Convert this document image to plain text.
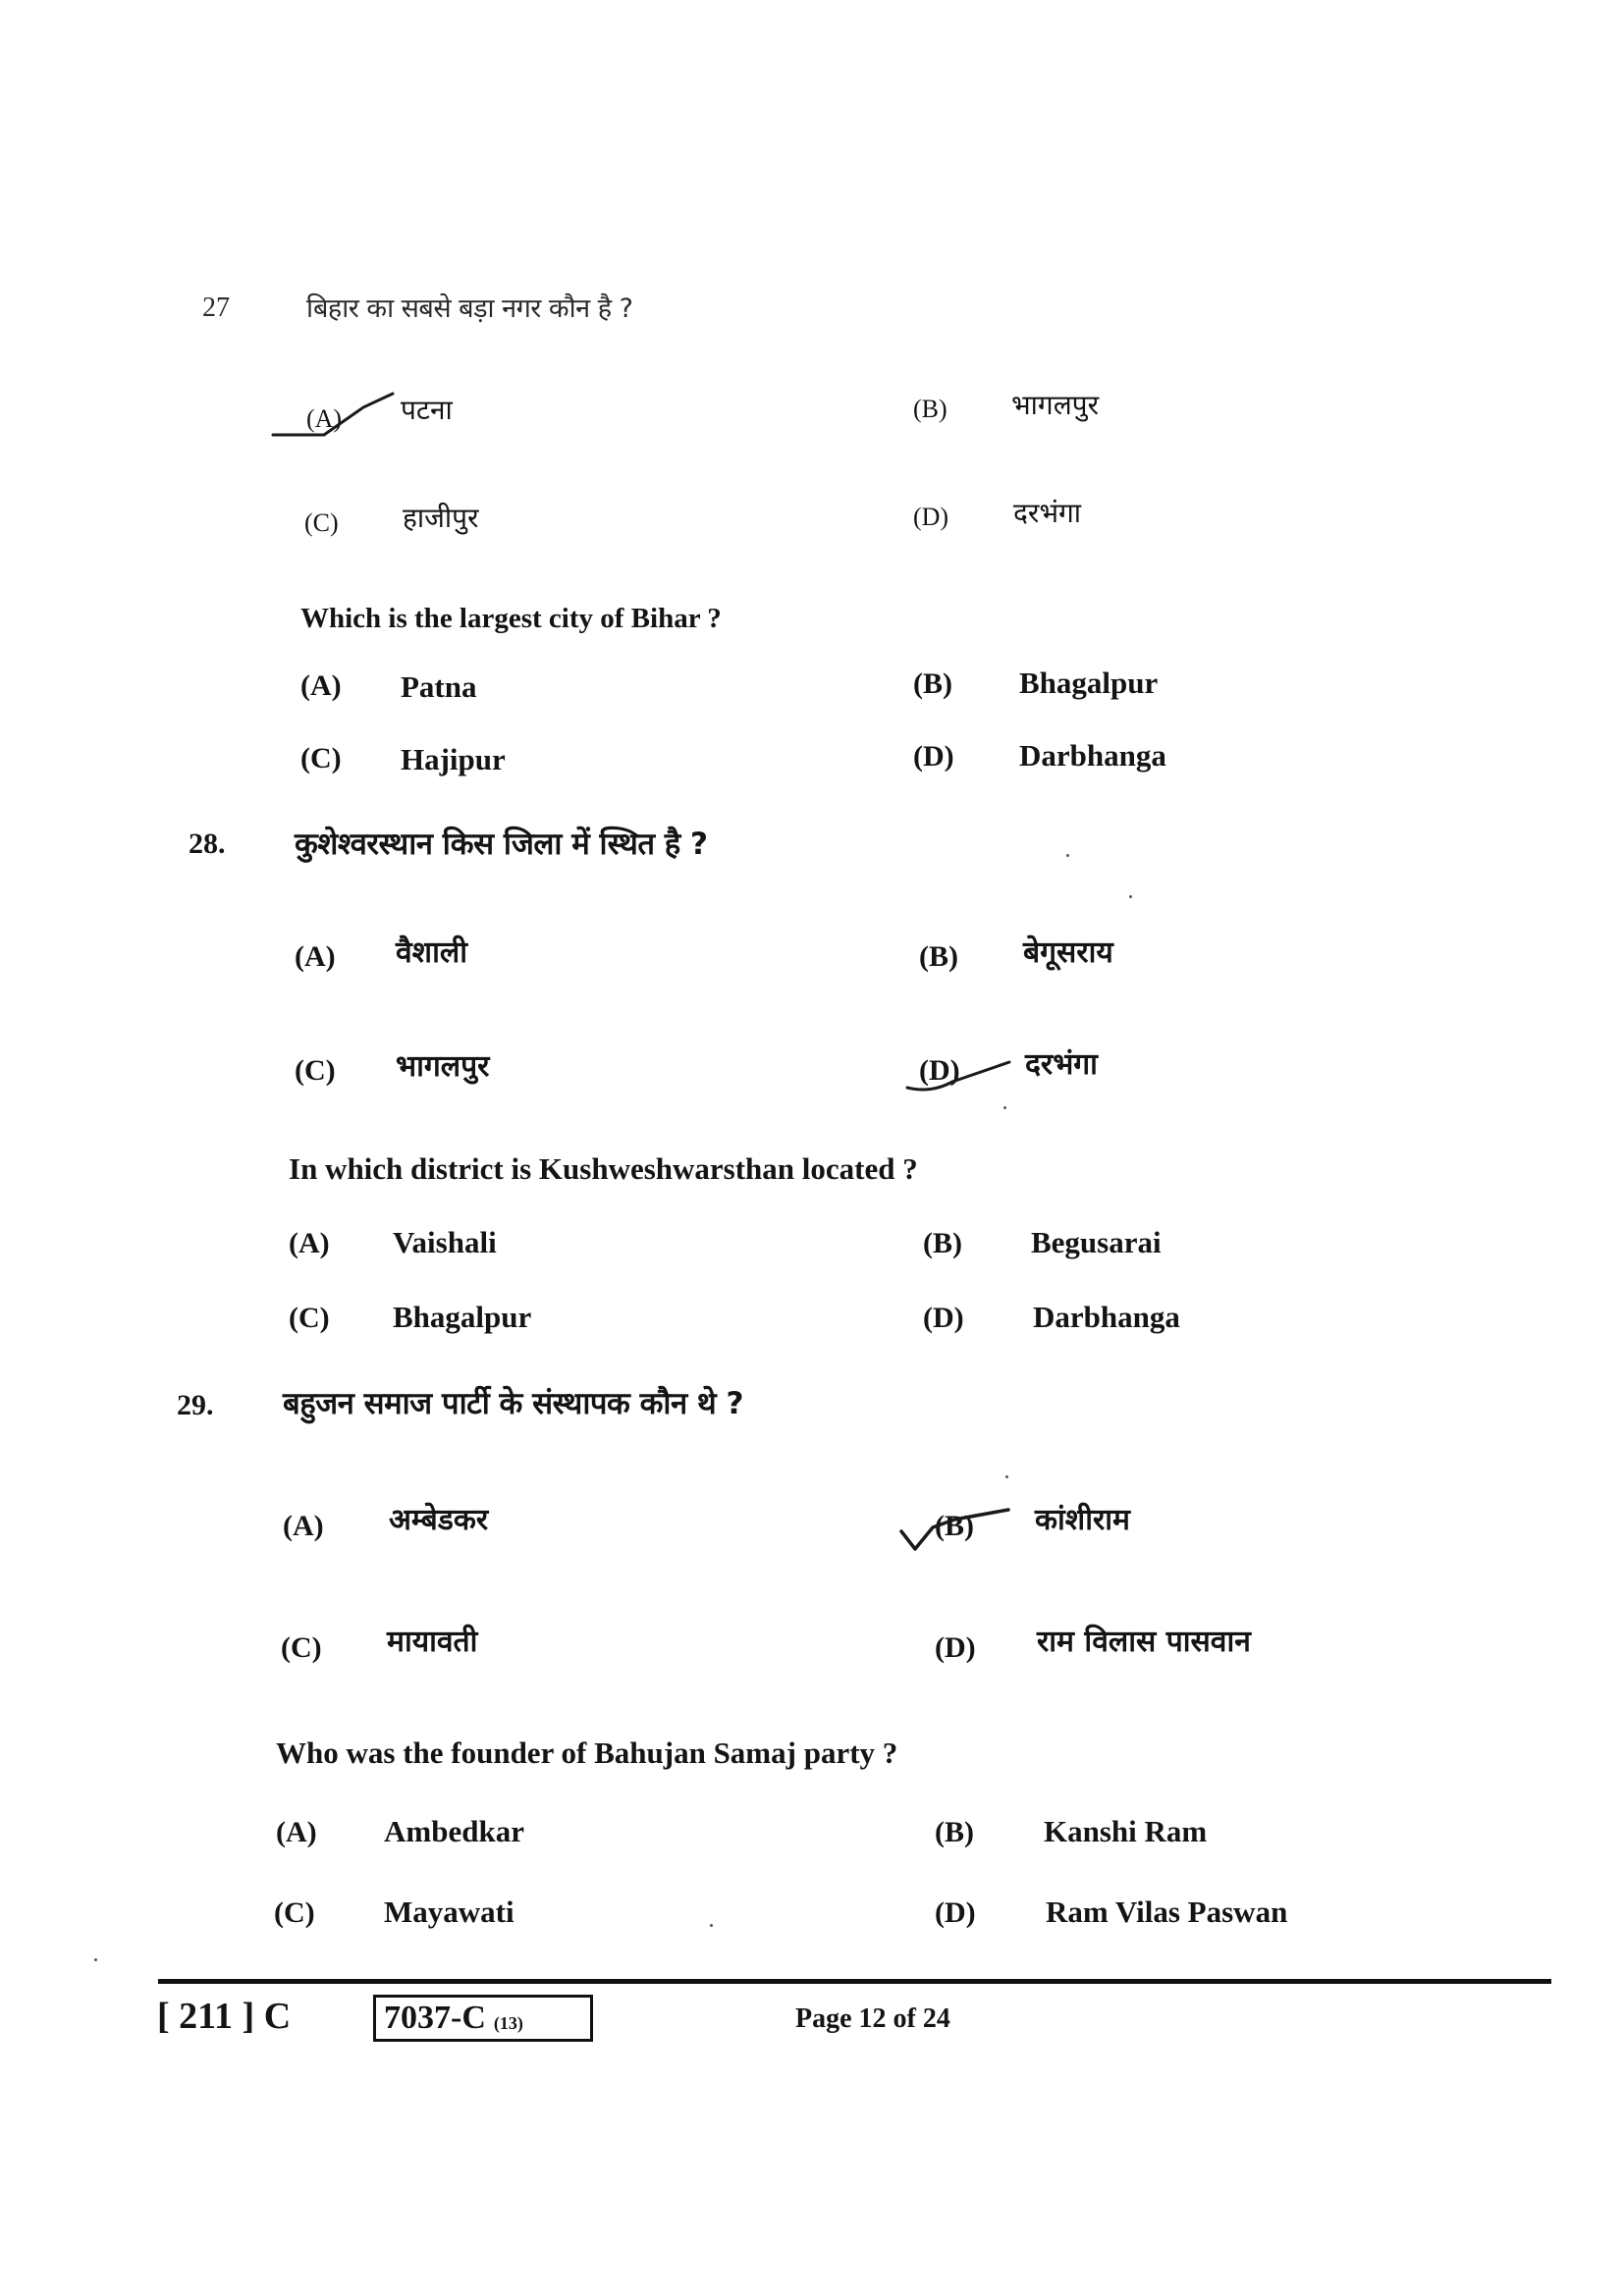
27	बिहार का सबसे बड़ा नगर कौन है ?
(A) पटना	(B) भागलपुर
(C) हाजीपुर	(D) दरभंगा
Which is the largest city of Bihar ?
(A) Patna	(B) Bhagalpur
(C) Hajipur	(D) Darbhanga
28. कुशेश्वरस्थान किस जिला में स्थित है ?
(A) वैशाली	(B) बेगूसराय
(C) भागलपुर	(D) दरभंगा
In which district is Kushweshwarsthan located ?
(A) Vaishali	(B) Begusarai
(C) Bhagalpur	(D) Darbhanga
29. बहुजन समाज पार्टी के संस्थापक कौन थे ?
(A) अम्बेडकर	(B) कांशीराम
(C) मायावती	(D) राम विलास पासवान
Who was the founder of Bahujan Samaj party ?
(A) Ambedkar	(B) Kanshi Ram
(C) Mayawati	(D) Ram Vilas Paswan
[ 211 ] C	7037-C (13)	Page 12 of 24
